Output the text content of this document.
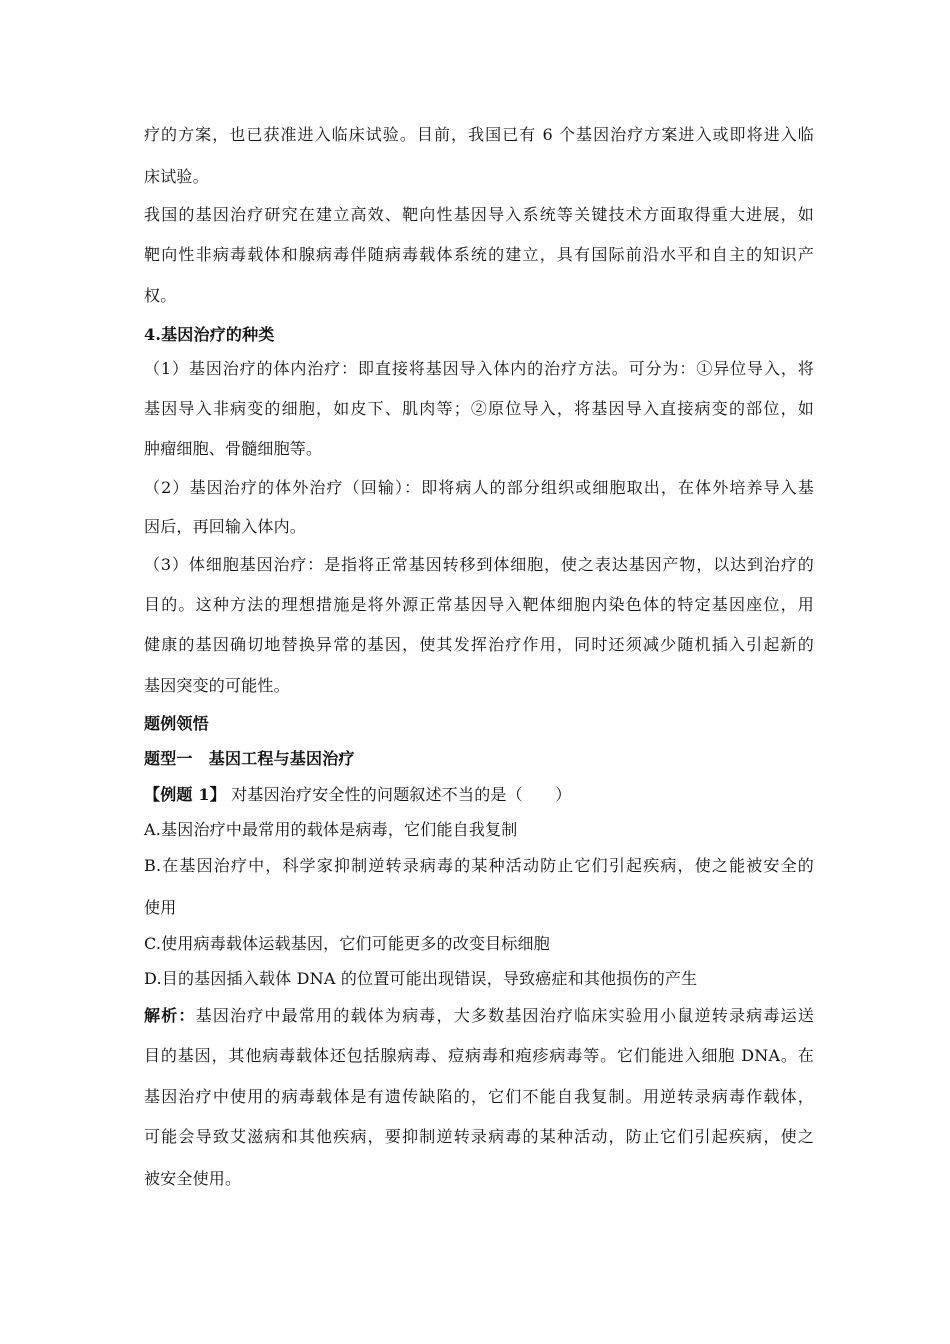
疗的方案，也已获准进入临床试验。目前，我国已有 6 个基因治疗方案进入或即将进入临
床试验。
我国的基因治疗研究在建立高效、靶向性基因导入系统等关键技术方面取得重大进展，如
靶向性非病毒载体和腺病毒伴随病毒载体系统的建立，具有国际前沿水平和自主的知识产
权。
4.基因治疗的种类
（1）基因治疗的体内治疗：即直接将基因导入体内的治疗方法。可分为：①异位导入，将
基因导入非病变的细胞，如皮下、肌肉等；②原位导入，将基因导入直接病变的部位，如
肿瘤细胞、骨髓细胞等。
（2）基因治疗的体外治疗（回输）：即将病人的部分组织或细胞取出，在体外培养导入基
因后，再回输入体内。
（3）体细胞基因治疗：是指将正常基因转移到体细胞，使之表达基因产物，以达到治疗的
目的。这种方法的理想措施是将外源正常基因导入靶体细胞内染色体的特定基因座位，用
健康的基因确切地替换异常的基因，使其发挥治疗作用，同时还须减少随机插入引起新的
基因突变的可能性。
题例领悟
题型一　基因工程与基因治疗
【例题 1】 对基因治疗安全性的问题叙述不当的是（　　）
A.基因治疗中最常用的载体是病毒，它们能自我复制
B.在基因治疗中，科学家抑制逆转录病毒的某种活动防止它们引起疾病，使之能被安全的
使用
C.使用病毒载体运载基因，它们可能更多的改变目标细胞
D.目的基因插入载体 DNA 的位置可能出现错误，导致癌症和其他损伤的产生
解析：基因治疗中最常用的载体为病毒，大多数基因治疗临床实验用小鼠逆转录病毒运送
目的基因，其他病毒载体还包括腺病毒、痘病毒和疱疹病毒等。它们能进入细胞 DNA。在
基因治疗中使用的病毒载体是有遗传缺陷的，它们不能自我复制。用逆转录病毒作载体，
可能会导致艾滋病和其他疾病，要抑制逆转录病毒的某种活动，防止它们引起疾病，使之
被安全使用。
